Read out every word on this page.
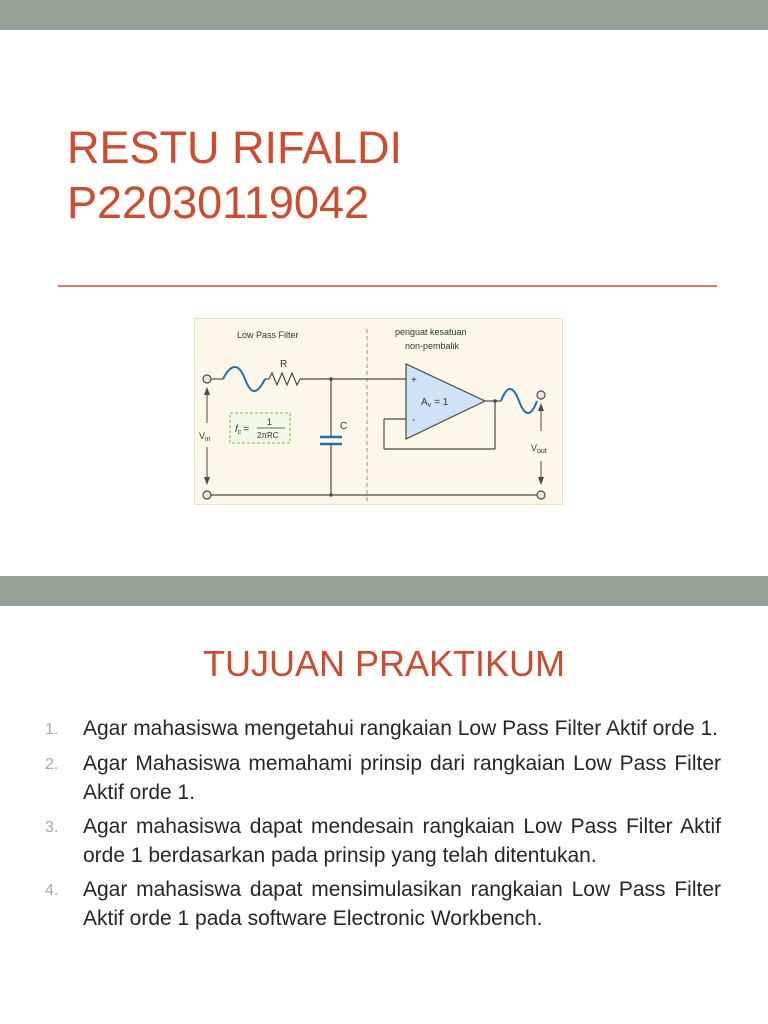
RESTU RIFALDI
P22030119042
Low Pass Filter	penguat kesatuan
non-pembalik
R
$V_{in}$
$f_c$ =
1
2πRC
C
+
-
$A_v = 1$
$V_{out}$
TUJUAN PRAKTIKUM
1.	Agar mahasiswa mengetahui rangkaian Low Pass Filter Aktif orde 1.
2.	Agar Mahasiswa memahami prinsip dari rangkaian Low Pass Filter Aktif orde 1.
3.	Agar mahasiswa dapat mendesain rangkaian Low Pass Filter Aktif orde 1 berdasarkan pada prinsip yang telah ditentukan.
4.	Agar mahasiswa dapat mensimulasikan rangkaian Low Pass Filter Aktif orde 1 pada software Electronic Workbench.
